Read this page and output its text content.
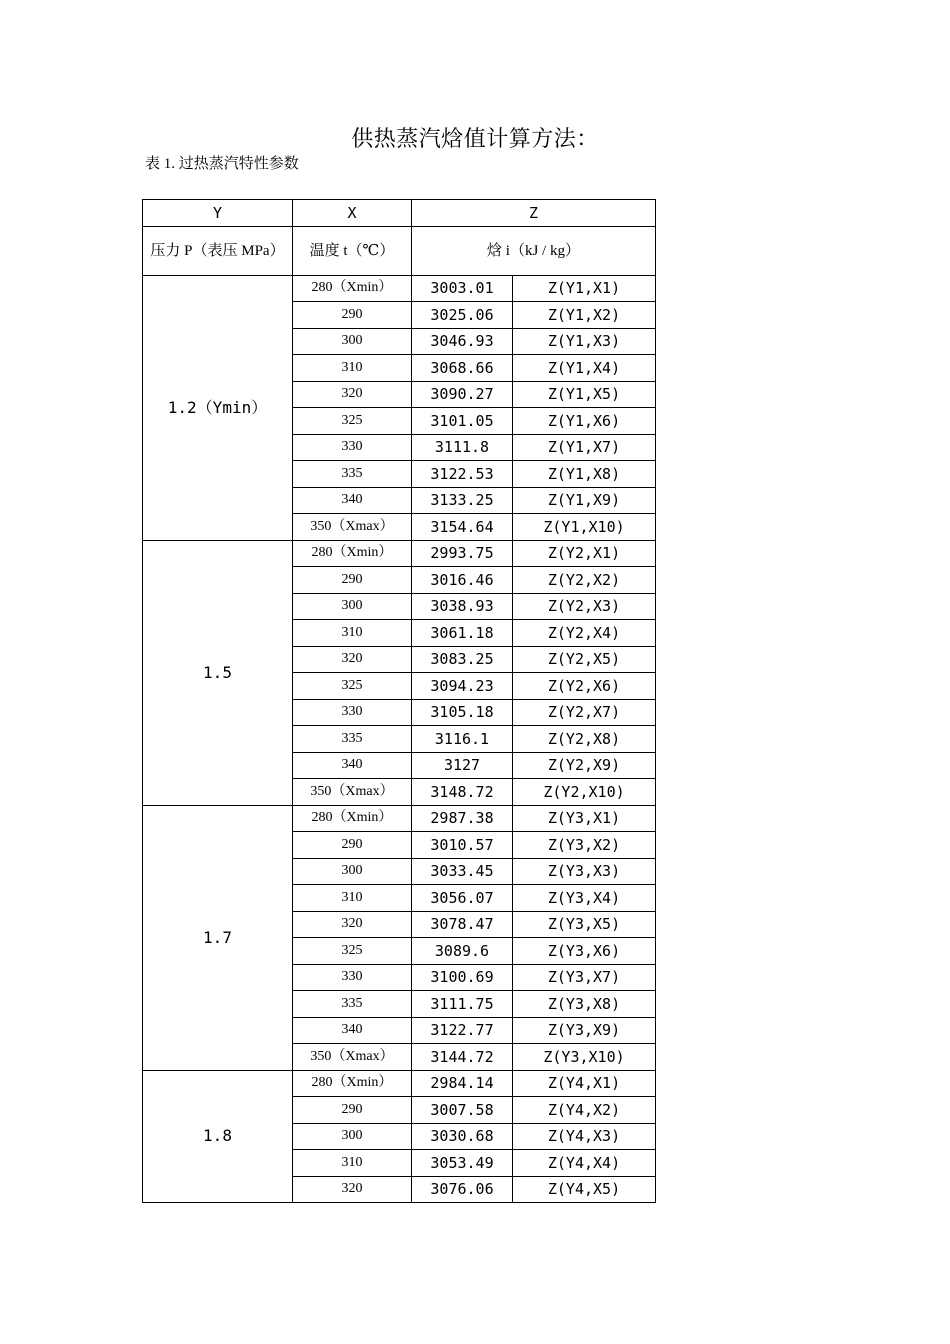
供热蒸汽焓值计算方法：
表 1. 过热蒸汽特性参数
Y	X	Z	
压力 P（表压 MPa）	温度 t（℃）	焓 i（kJ / kg）	
1.2（Ymin）	280（Xmin）	3003.01	Z(Y1,X1)
	290	3025.06	Z(Y1,X2)
	300	3046.93	Z(Y1,X3)
	310	3068.66	Z(Y1,X4)
	320	3090.27	Z(Y1,X5)
	325	3101.05	Z(Y1,X6)
	330	3111.8	Z(Y1,X7)
	335	3122.53	Z(Y1,X8)
	340	3133.25	Z(Y1,X9)
	350（Xmax）	3154.64	Z(Y1,X10)
1.5	280（Xmin）	2993.75	Z(Y2,X1)
	290	3016.46	Z(Y2,X2)
	300	3038.93	Z(Y2,X3)
	310	3061.18	Z(Y2,X4)
	320	3083.25	Z(Y2,X5)
	325	3094.23	Z(Y2,X6)
	330	3105.18	Z(Y2,X7)
	335	3116.1	Z(Y2,X8)
	340	3127	Z(Y2,X9)
	350（Xmax）	3148.72	Z(Y2,X10)
1.7	280（Xmin）	2987.38	Z(Y3,X1)
	290	3010.57	Z(Y3,X2)
	300	3033.45	Z(Y3,X3)
	310	3056.07	Z(Y3,X4)
	320	3078.47	Z(Y3,X5)
	325	3089.6	Z(Y3,X6)
	330	3100.69	Z(Y3,X7)
	335	3111.75	Z(Y3,X8)
	340	3122.77	Z(Y3,X9)
	350（Xmax）	3144.72	Z(Y3,X10)
1.8	280（Xmin）	2984.14	Z(Y4,X1)
	290	3007.58	Z(Y4,X2)
	300	3030.68	Z(Y4,X3)
	310	3053.49	Z(Y4,X4)
	320	3076.06	Z(Y4,X5)
